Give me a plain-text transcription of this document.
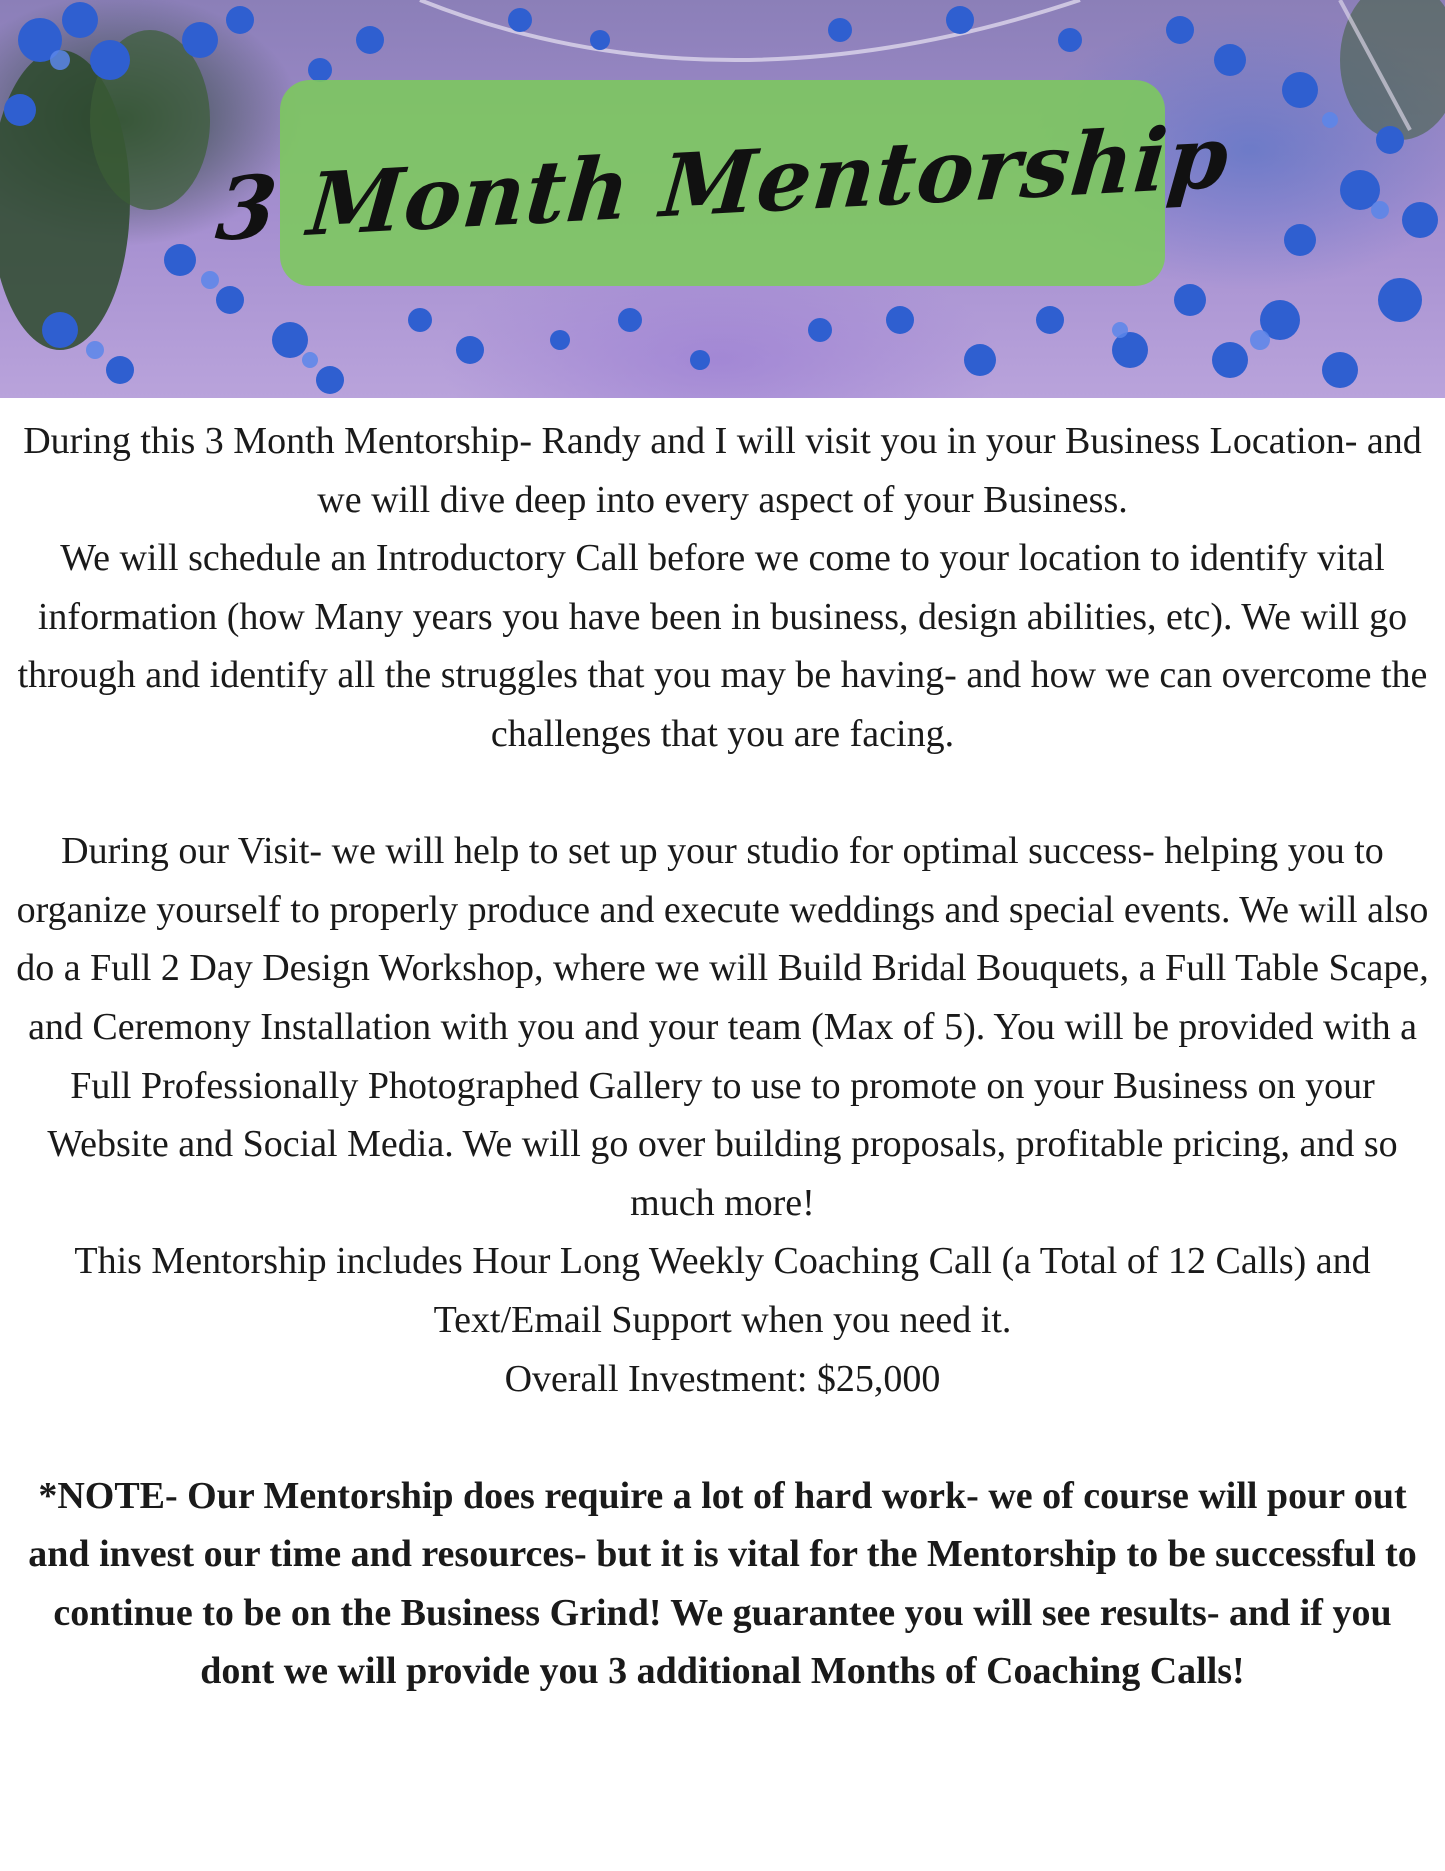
3 Month Mentorship

During this 3 Month Mentorship- Randy and I will visit you in your Business Location- and we will dive deep into every aspect of your Business.

We will schedule an Introductory Call before we come to your location to identify vital information (how Many years you have been in business, design abilities, etc). We will go through and identify all the struggles that you may be having- and how we can overcome the challenges that you are facing.

During our Visit- we will help to set up your studio for optimal success- helping you to organize yourself to properly produce and execute weddings and special events. We will also do a Full 2 Day Design Workshop, where we will Build Bridal Bouquets, a Full Table Scape, and Ceremony Installation with you and your team (Max of 5). You will be provided with a Full Professionally Photographed Gallery to use to promote on your Business on your Website and Social Media. We will go over building proposals, profitable pricing, and so much more!

This Mentorship includes Hour Long Weekly Coaching Call (a Total of 12 Calls) and Text/Email Support when you need it.

Overall Investment: $25,000

*NOTE- Our Mentorship does require a lot of hard work- we of course will pour out and invest our time and resources- but it is vital for the Mentorship to be successful to continue to be on the Business Grind! We guarantee you will see results- and if you dont we will provide you 3 additional Months of Coaching Calls!
